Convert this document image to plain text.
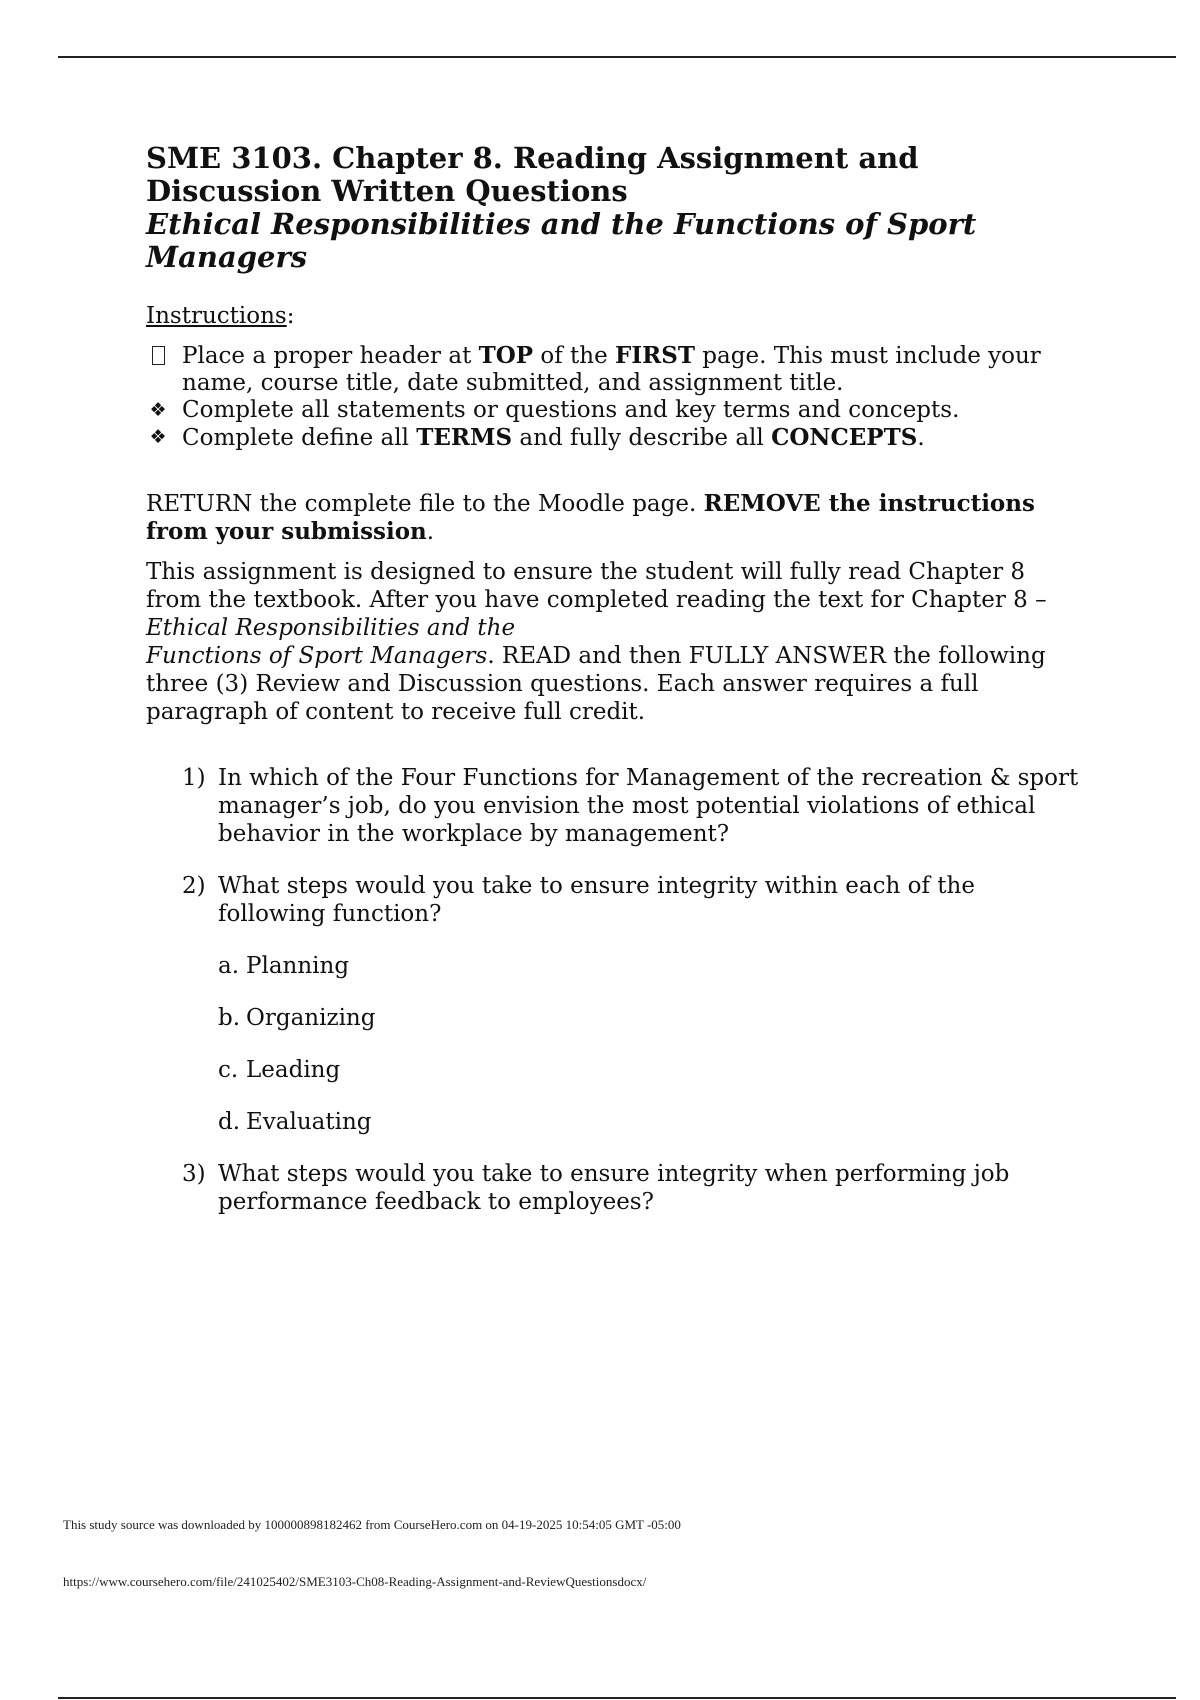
SME 3103. Chapter 8. Reading Assignment and Discussion Written Questions
Ethical Responsibilities and the Functions of Sport Managers
Instructions:
Place a proper header at TOP of the FIRST page. This must include your name, course title, date submitted, and assignment title.
❖ Complete all statements or questions and key terms and concepts.
❖ Complete define all TERMS and fully describe all CONCEPTS.

RETURN the complete file to the Moodle page. REMOVE the instructions from your submission.

This assignment is designed to ensure the student will fully read Chapter 8 from the textbook. After you have completed reading the text for Chapter 8 – Ethical Responsibilities and the
Functions of Sport Managers. READ and then FULLY ANSWER the following three (3) Review and Discussion questions. Each answer requires a full paragraph of content to receive full credit.

1) In which of the Four Functions for Management of the recreation & sport manager’s job, do you envision the most potential violations of ethical behavior in the workplace by management?
2) What steps would you take to ensure integrity within each of the following function?
a. Planning
b. Organizing
c. Leading
d. Evaluating
3) What steps would you take to ensure integrity when performing job performance feedback to employees?
This study source was downloaded by 100000898182462 from CourseHero.com on 04-19-2025 10:54:05 GMT -05:00
https://www.coursehero.com/file/241025402/SME3103-Ch08-Reading-Assignment-and-ReviewQuestionsdocx/
